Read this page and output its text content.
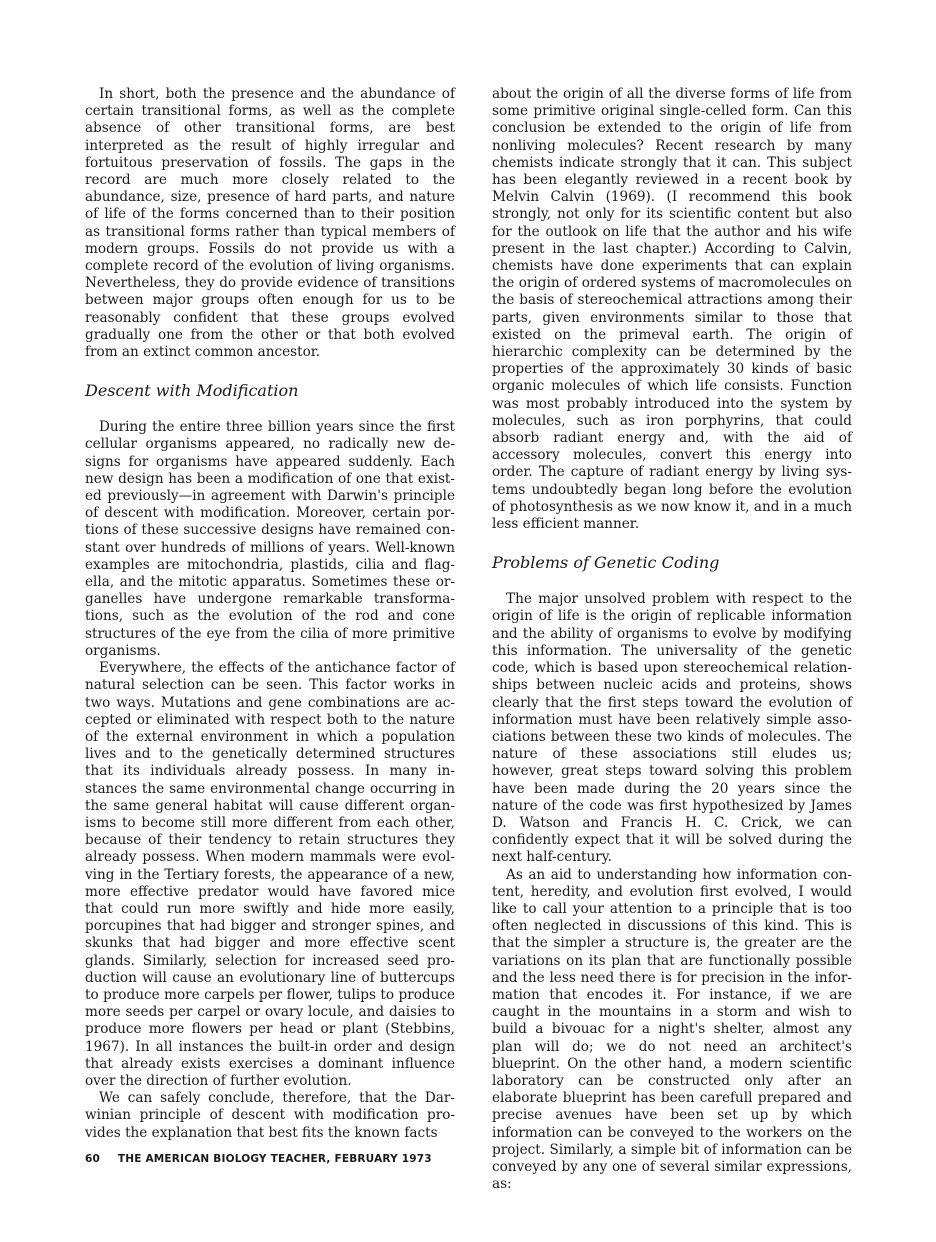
In short, both the presence and the abundance of certain transitional forms, as well as the complete absence of other transitional forms, are best interpreted as the result of highly irregular and fortuitous preservation of fossils. The gaps in the record are much more closely related to the abundance, size, presence of hard parts, and nature of life of the forms concerned than to their position as transitional forms rather than typical members of modern groups. Fossils do not provide us with a complete record of the evolution of living organisms. Nevertheless, they do provide evidence of transitions between major groups often enough for us to be reasonably confident that these groups evolved gradually one from the other or that both evolved from an extinct common ancestor.

Descent with Modification

During the entire three billion years since the first cellular organisms appeared, no radically new designs for organisms have appeared suddenly. Each new design has been a modification of one that existed previously—in agreement with Darwin's principle of descent with modification. Moreover, certain portions of these successive designs have remained constant over hundreds of millions of years. Well-known examples are mitochondria, plastids, cilia and flagella, and the mitotic apparatus. Sometimes these organelles have undergone remarkable transformations, such as the evolution of the rod and cone structures of the eye from the cilia of more primitive organisms.

Everywhere, the effects of the antichance factor of natural selection can be seen. This factor works in two ways. Mutations and gene combinations are accepted or eliminated with respect both to the nature of the external environment in which a population lives and to the genetically determined structures that its individuals already possess. In many instances the same environmental change occurring in the same general habitat will cause different organisms to become still more different from each other, because of their tendency to retain structures they already possess. When modern mammals were evolving in the Tertiary forests, the appearance of a new, more effective predator would have favored mice that could run more swiftly and hide more easily, porcupines that had bigger and stronger spines, and skunks that had bigger and more effective scent glands. Similarly, selection for increased seed production will cause an evolutionary line of buttercups to produce more carpels per flower, tulips to produce more seeds per carpel or ovary locule, and daisies to produce more flowers per head or plant (Stebbins, 1967). In all instances the built-in order and design that already exists exercises a dominant influence over the direction of further evolution.

We can safely conclude, therefore, that the Darwinian principle of descent with modification provides the explanation that best fits the known facts

about the origin of all the diverse forms of life from some primitive original single-celled form. Can this conclusion be extended to the origin of life from nonliving molecules? Recent research by many chemists indicate strongly that it can. This subject has been elegantly reviewed in a recent book by Melvin Calvin (1969). (I recommend this book strongly, not only for its scientific content but also for the outlook on life that the author and his wife present in the last chapter.) According to Calvin, chemists have done experiments that can explain the origin of ordered systems of macromolecules on the basis of stereochemical attractions among their parts, given environments similar to those that existed on the primeval earth. The origin of hierarchic complexity can be determined by the properties of the approximately 30 kinds of basic organic molecules of which life consists. Function was most probably introduced into the system by molecules, such as iron porphyrins, that could absorb radiant energy and, with the aid of accessory molecules, convert this energy into order. The capture of radiant energy by living systems undoubtedly began long before the evolution of photosynthesis as we now know it, and in a much less efficient manner.

Problems of Genetic Coding

The major unsolved problem with respect to the origin of life is the origin of replicable information and the ability of organisms to evolve by modifying this information. The universality of the genetic code, which is based upon stereochemical relationships between nucleic acids and proteins, shows clearly that the first steps toward the evolution of information must have been relatively simple associations between these two kinds of molecules. The nature of these associations still eludes us; however, great steps toward solving this problem have been made during the 20 years since the nature of the code was first hypothesized by James D. Watson and Francis H. C. Crick, we can confidently expect that it will be solved during the next half-century.

As an aid to understanding how information content, heredity, and evolution first evolved, I would like to call your attention to a principle that is too often neglected in discussions of this kind. This is that the simpler a structure is, the greater are the variations on its plan that are functionally possible and the less need there is for precision in the information that encodes it. For instance, if we are caught in the mountains in a storm and wish to build a bivouac for a night's shelter, almost any plan will do; we do not need an architect's blueprint. On the other hand, a modern scientific laboratory can be constructed only after an elaborate blueprint has been carefull prepared and precise avenues have been set up by which information can be conveyed to the workers on the project. Similarly, a simple bit of information can be conveyed by any one of several similar expressions, as:

60 THE AMERICAN BIOLOGY TEACHER, FEBRUARY 1973
